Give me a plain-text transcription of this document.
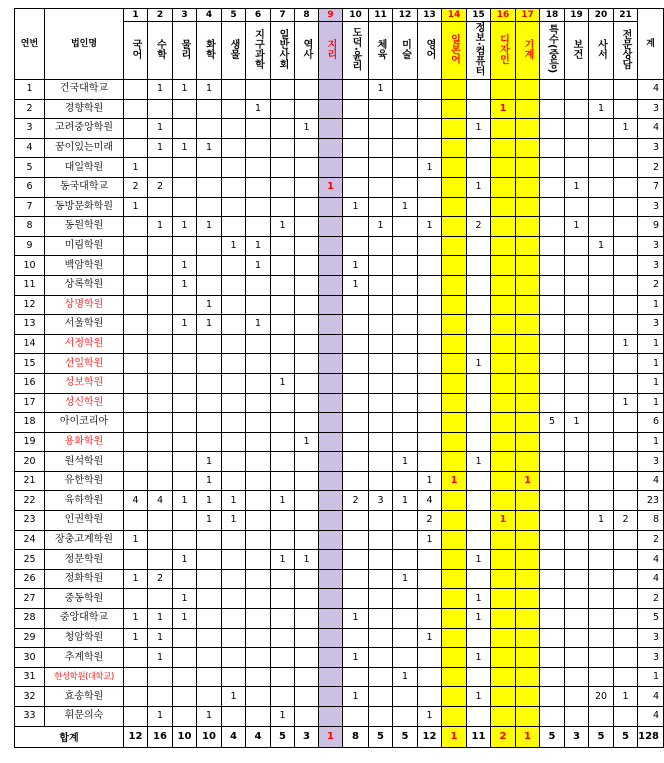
연번	법인명	1	2	3	4	5	6	7	8	9	10	11	12	13	14	15	16	17	18	19	20	21	계
		국어	수학	물리	화학	생물	지구과학	일반사회	역사	지리	도덕·윤리	체육	미술	영어	일본어	정보·컴퓨터	디자인	기계	특수(중등)	보건	사서	전문상담	
1	건국대학교		1	1	1							1											4
2	경향학원						1										1				1		3
3	고려중앙학원		1						1							1						1	4
4	꿈이있는미래		1	1	1																		3
5	대일학원	1												1									2
6	동국대학교	2	2							1						1				1			7
7	동방문화학원	1									1		1										3
8	동원학원		1	1	1			1				1		1		2				1			9
9	미림학원					1	1														1		3
10	백암학원			1			1				1												3
11	상록학원			1							1												2
12	상명학원				1																		1
13	서울학원			1	1		1																3
14	서정학원																					1	1
15	선일학원															1							1
16	성보학원							1															1
17	성신학원																					1	1
18	아이코리아																		5	1			6
19	용화학원								1														1
20	원석학원				1								1			1							3
21	유한학원				1									1	1			1					4
22	육하학원	4	4	1	1	1		1			2	3	1	4									23
23	인권학원				1	1								2			1				1	2	8
24	장충고계학원	1												1									2
25	정문학원			1				1	1							1							4
26	정화학원	1	2										1										4
27	중동학원			1												1							2
28	중앙대학교	1	1	1							1					1							5
29	청암학원	1	1											1									3
30	추계학원		1								1					1							3
31	한성학원(대학교)												1										1
32	효송학원					1					1					1					20	1	4
33	휘문의숙		1		1			1						1									4
합계		12	16	10	10	4	4	5	3	1	8	5	5	12	1	11	2	1	5	3	5	5	128
